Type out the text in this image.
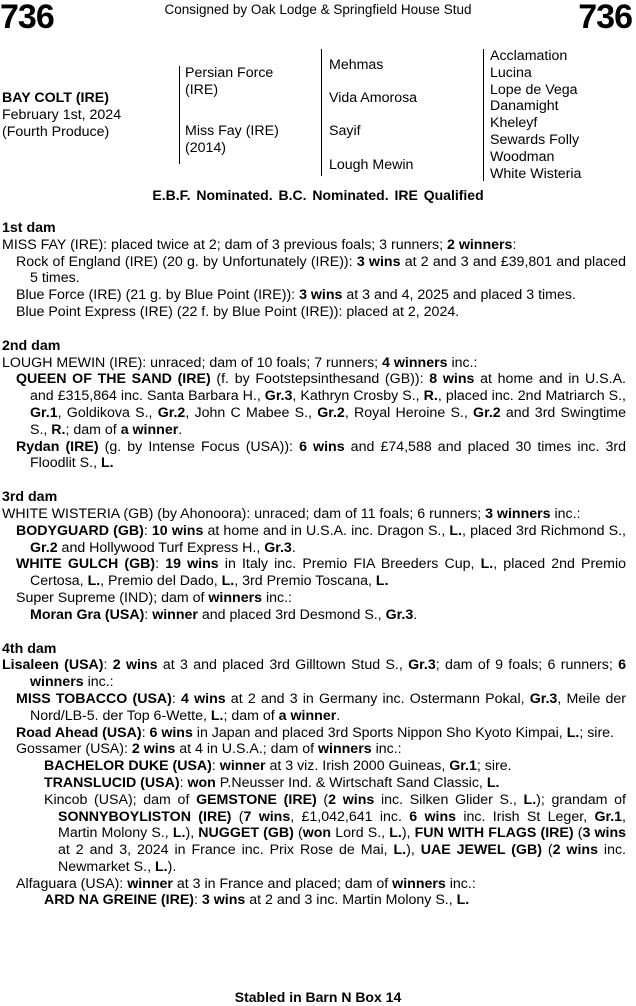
736	Consigned by Oak Lodge & Springfield House Stud	736
BAY COLT (IRE)
February 1st, 2024
(Fourth Produce)
Persian Force
(IRE)
Miss Fay (IRE)
(2014)
Mehmas
Vida Amorosa
Sayif
Lough Mewin
Acclamation
Lucina
Lope de Vega
Danamight
Kheleyf
Sewards Folly
Woodman
White Wisteria
E.B.F. Nominated. B.C. Nominated. IRE Qualified
1st dam
MISS FAY (IRE): placed twice at 2; dam of 3 previous foals; 3 runners; 2 winners:
Rock of England (IRE) (20 g. by Unfortunately (IRE)): 3 wins at 2 and 3 and £39,801 and placed 5 times.
Blue Force (IRE) (21 g. by Blue Point (IRE)): 3 wins at 3 and 4, 2025 and placed 3 times.
Blue Point Express (IRE) (22 f. by Blue Point (IRE)): placed at 2, 2024.
2nd dam
LOUGH MEWIN (IRE): unraced; dam of 10 foals; 7 runners; 4 winners inc.:
QUEEN OF THE SAND (IRE) (f. by Footstepsinthesand (GB)): 8 wins at home and in U.S.A. and £315,864 inc. Santa Barbara H., Gr.3, Kathryn Crosby S., R., placed inc. 2nd Matriarch S., Gr.1, Goldikova S., Gr.2, John C Mabee S., Gr.2, Royal Heroine S., Gr.2 and 3rd Swingtime S., R.; dam of a winner.
Rydan (IRE) (g. by Intense Focus (USA)): 6 wins and £74,588 and placed 30 times inc. 3rd Floodlit S., L.
3rd dam
WHITE WISTERIA (GB) (by Ahonoora): unraced; dam of 11 foals; 6 runners; 3 winners inc.:
BODYGUARD (GB): 10 wins at home and in U.S.A. inc. Dragon S., L., placed 3rd Richmond S., Gr.2 and Hollywood Turf Express H., Gr.3.
WHITE GULCH (GB): 19 wins in Italy inc. Premio FIA Breeders Cup, L., placed 2nd Premio Certosa, L., Premio del Dado, L., 3rd Premio Toscana, L.
Super Supreme (IND); dam of winners inc.:
Moran Gra (USA): winner and placed 3rd Desmond S., Gr.3.
4th dam
Lisaleen (USA): 2 wins at 3 and placed 3rd Gilltown Stud S., Gr.3; dam of 9 foals; 6 runners; 6 winners inc.:
MISS TOBACCO (USA): 4 wins at 2 and 3 in Germany inc. Ostermann Pokal, Gr.3, Meile der Nord/LB-5. der Top 6-Wette, L.; dam of a winner.
Road Ahead (USA): 6 wins in Japan and placed 3rd Sports Nippon Sho Kyoto Kimpai, L.; sire.
Gossamer (USA): 2 wins at 4 in U.S.A.; dam of winners inc.:
BACHELOR DUKE (USA): winner at 3 viz. Irish 2000 Guineas, Gr.1; sire.
TRANSLUCID (USA): won P.Neusser Ind. & Wirtschaft Sand Classic, L.
Kincob (USA); dam of GEMSTONE (IRE) (2 wins inc. Silken Glider S., L.); grandam of SONNYBOYLISTON (IRE) (7 wins, £1,042,641 inc. 6 wins inc. Irish St Leger, Gr.1, Martin Molony S., L.), NUGGET (GB) (won Lord S., L.), FUN WITH FLAGS (IRE) (3 wins at 2 and 3, 2024 in France inc. Prix Rose de Mai, L.), UAE JEWEL (GB) (2 wins inc. Newmarket S., L.).
Alfaguara (USA): winner at 3 in France and placed; dam of winners inc.:
ARD NA GREINE (IRE): 3 wins at 2 and 3 inc. Martin Molony S., L.
Stabled in Barn N Box 14
